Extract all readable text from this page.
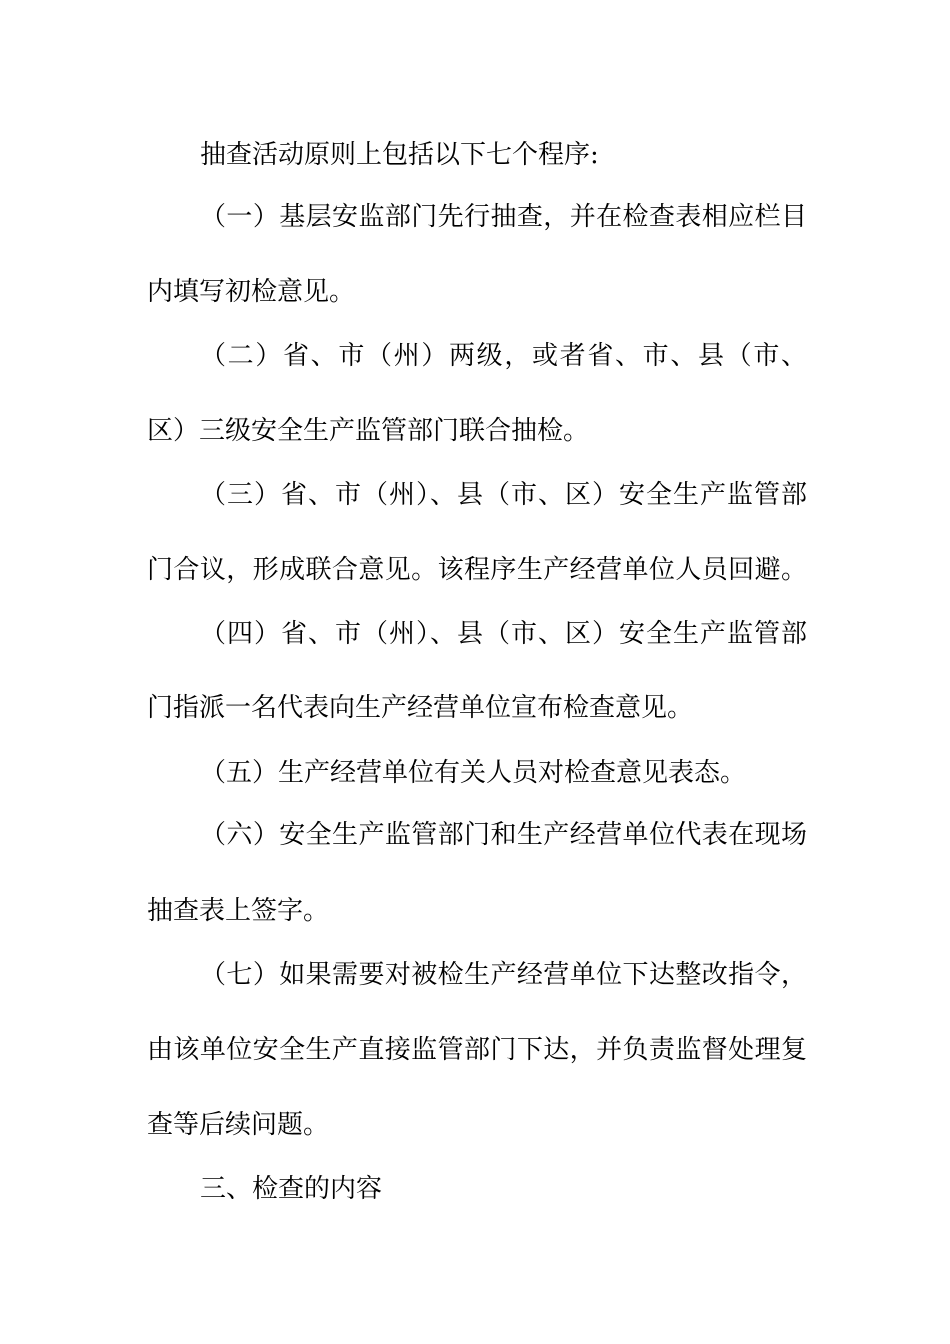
抽查活动原则上包括以下七个程序:
（一）基层安监部门先行抽查，并在检查表相应栏目
内填写初检意见。
（二）省、市（州）两级，或者省、市、县（市、
区）三级安全生产监管部门联合抽检。
（三）省、市（州）、县（市、区）安全生产监管部
门合议，形成联合意见。该程序生产经营单位人员回避。
（四）省、市（州）、县（市、区）安全生产监管部
门指派一名代表向生产经营单位宣布检查意见。
（五）生产经营单位有关人员对检查意见表态。
（六）安全生产监管部门和生产经营单位代表在现场
抽查表上签字。
（七）如果需要对被检生产经营单位下达整改指令，
由该单位安全生产直接监管部门下达，并负责监督处理复
查等后续问题。
三、检查的内容
